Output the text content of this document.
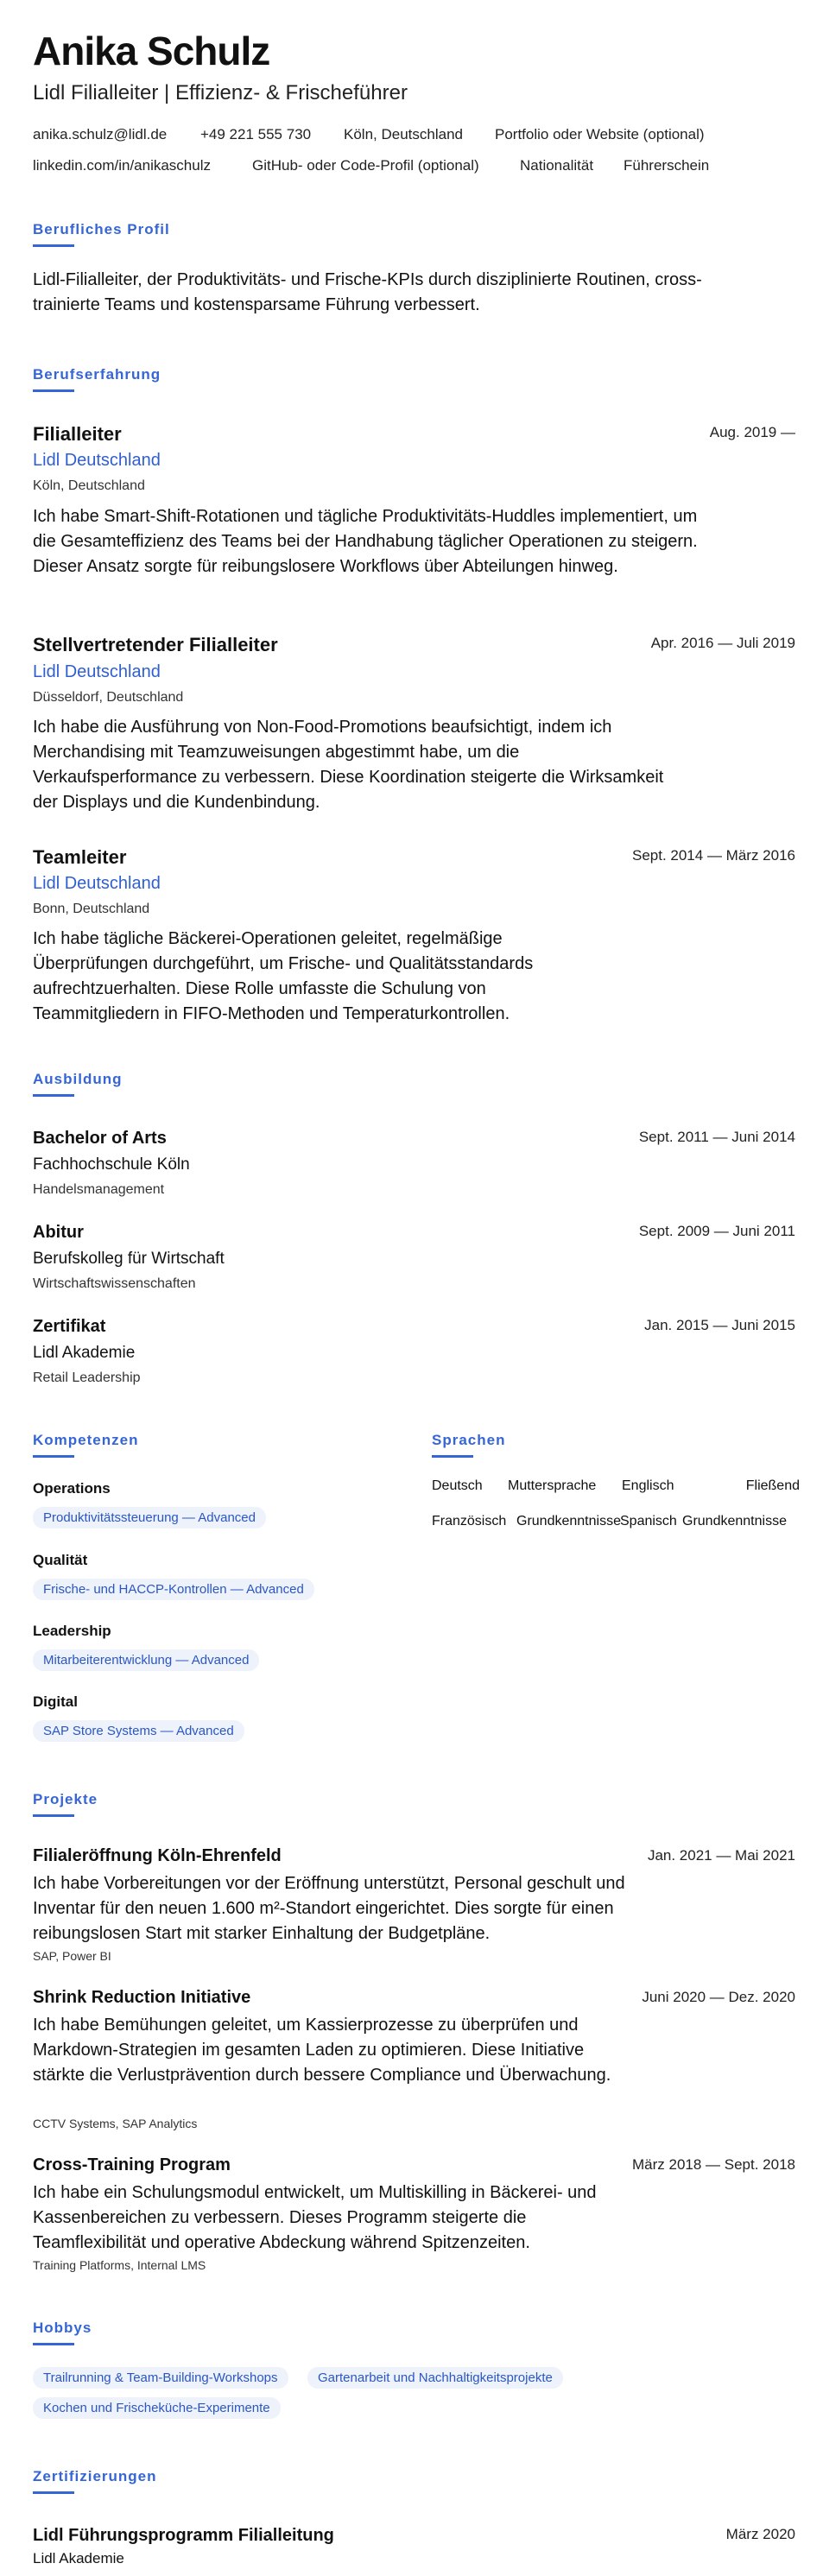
Anika Schulz
Lidl Filialleiter | Effizienz- & Frischeführer
anika.schulz@lidl.de +49 221 555 730 Köln, Deutschland Portfolio oder Website (optional)
linkedin.com/in/anikaschulz	GitHub- oder Code-Profil (optional)	Nationalität Führerschein
Berufliches Profil
Lidl-Filialleiter, der Produktivitäts- und Frische-KPIs durch disziplinierte Routinen, cross-trainierte Teams und kostensparsame Führung verbessert.
Berufserfahrung
Filialleiter	Aug. 2019 —
Lidl Deutschland
Köln, Deutschland
Ich habe Smart-Shift-Rotationen und tägliche Produktivitäts-Huddles implementiert, um die Gesamteffizienz des Teams bei der Handhabung täglicher Operationen zu steigern. Dieser Ansatz sorgte für reibungslosere Workflows über Abteilungen hinweg.
Stellvertretender Filialleiter	Apr. 2016 — Juli 2019
Lidl Deutschland
Düsseldorf, Deutschland
Ich habe die Ausführung von Non-Food-Promotions beaufsichtigt, indem ich Merchandising mit Teamzuweisungen abgestimmt habe, um die Verkaufsperformance zu verbessern. Diese Koordination steigerte die Wirksamkeit der Displays und die Kundenbindung.
Teamleiter	Sept. 2014 — März 2016
Lidl Deutschland
Bonn, Deutschland
Ich habe tägliche Bäckerei-Operationen geleitet, regelmäßige Überprüfungen durchgeführt, um Frische- und Qualitätsstandards aufrechtzuerhalten. Diese Rolle umfasste die Schulung von Teammitgliedern in FIFO-Methoden und Temperaturkontrollen.
Ausbildung
Bachelor of Arts	Sept. 2011 — Juni 2014
Fachhochschule Köln
Handelsmanagement
Abitur	Sept. 2009 — Juni 2011
Berufskolleg für Wirtschaft
Wirtschaftswissenschaften
Zertifikat	Jan. 2015 — Juni 2015
Lidl Akademie
Retail Leadership
Kompetenzen
Operations
Produktivitätssteuerung — Advanced
Qualität
Frische- und HACCP-Kontrollen — Advanced
Leadership
Mitarbeiterentwicklung — Advanced
Digital
SAP Store Systems — Advanced
Sprachen
Deutsch Muttersprache Englisch	Fließend
Französisch Grundkenntnisse Spanisch Grundkenntnisse
Projekte
Filialeröffnung Köln-Ehrenfeld	Jan. 2021 — Mai 2021
Ich habe Vorbereitungen vor der Eröffnung unterstützt, Personal geschult und Inventar für den neuen 1.600 m²-Standort eingerichtet. Dies sorgte für einen reibungslosen Start mit starker Einhaltung der Budgetpläne.
SAP, Power BI
Shrink Reduction Initiative	Juni 2020 — Dez. 2020
Ich habe Bemühungen geleitet, um Kassierprozesse zu überprüfen und Markdown-Strategien im gesamten Laden zu optimieren. Diese Initiative stärkte die Verlustprävention durch bessere Compliance und Überwachung.
CCTV Systems, SAP Analytics
Cross-Training Program	März 2018 — Sept. 2018
Ich habe ein Schulungsmodul entwickelt, um Multiskilling in Bäckerei- und Kassenbereichen zu verbessern. Dieses Programm steigerte die Teamflexibilität und operative Abdeckung während Spitzenzeiten.
Training Platforms, Internal LMS
Hobbys
Trailrunning & Team-Building-Workshops	Gartenarbeit und Nachhaltigkeitsprojekte
Kochen und Frischeküche-Experimente
Zertifizierungen
Lidl Führungsprogramm Filialleitung	März 2020
Lidl Akademie
